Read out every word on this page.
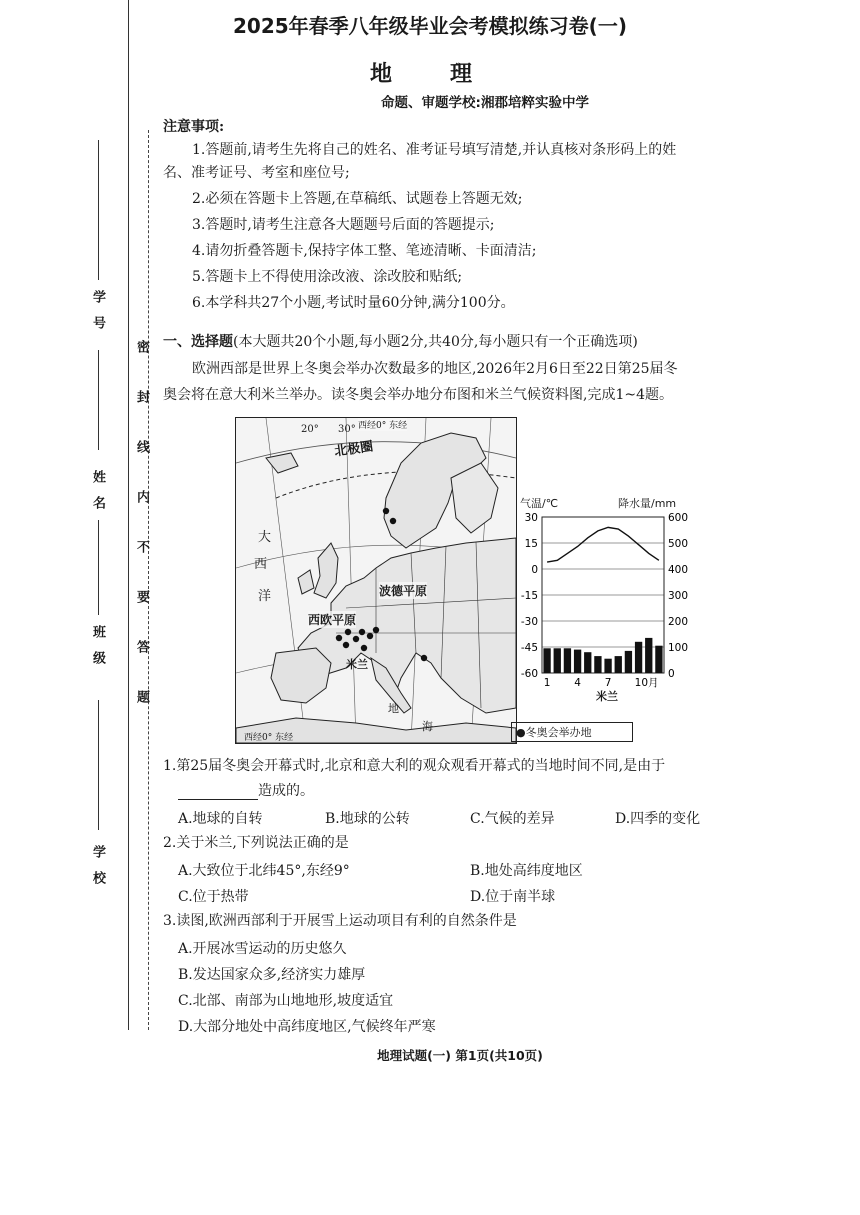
2025年春季八年级毕业会考模拟练习卷(一)
地　理
命题、审题学校:湘郡培粹实验中学
学　号
姓　名
班　级
学　校
密　封　线　内　不　要　答　题
注意事项:
1.答题前,请考生先将自己的姓名、准考证号填写清楚,并认真核对条形码上的姓
名、准考证号、考室和座位号;
2.必须在答题卡上答题,在草稿纸、试题卷上答题无效;
3.答题时,请考生注意各大题题号后面的答题提示;
4.请勿折叠答题卡,保持字体工整、笔迹清晰、卡面清洁;
5.答题卡上不得使用涂改液、涂改胶和贴纸;
6.本学科共27个小题,考试时量60分钟,满分100分。
一、选择题(本大题共20个小题,每小题2分,共40分,每小题只有一个正确选项)
欧洲西部是世界上冬奥会举办次数最多的地区,2026年2月6日至22日第25届冬
奥会将在意大利米兰举办。读冬奥会举办地分布图和米兰气候资料图,完成1~4题。
西经0° 东经
西经0° 东经
20° 30°
北极圈
大
西
洋
西欧平原
波德平原
米兰
地
海
30	600
15	500
0	400
-15	300
-30	200
-45	100
-60	0
1 4 7 10月
气温/℃	降水量/mm
米兰
●冬奥会举办地
1.第25届冬奥会开幕式时,北京和意大利的观众观看开幕式的当地时间不同,是由于
造成的。
A.地球的自转	B.地球的公转	C.气候的差异	D.四季的变化
2.关于米兰,下列说法正确的是
A.大致位于北纬45°,东经9°	B.地处高纬度地区
C.位于热带	D.位于南半球
3.读图,欧洲西部利于开展雪上运动项目有利的自然条件是
A.开展冰雪运动的历史悠久
B.发达国家众多,经济实力雄厚
C.北部、南部为山地地形,坡度适宜
D.大部分地处中高纬度地区,气候终年严寒
地理试题(一) 第1页(共10页)
